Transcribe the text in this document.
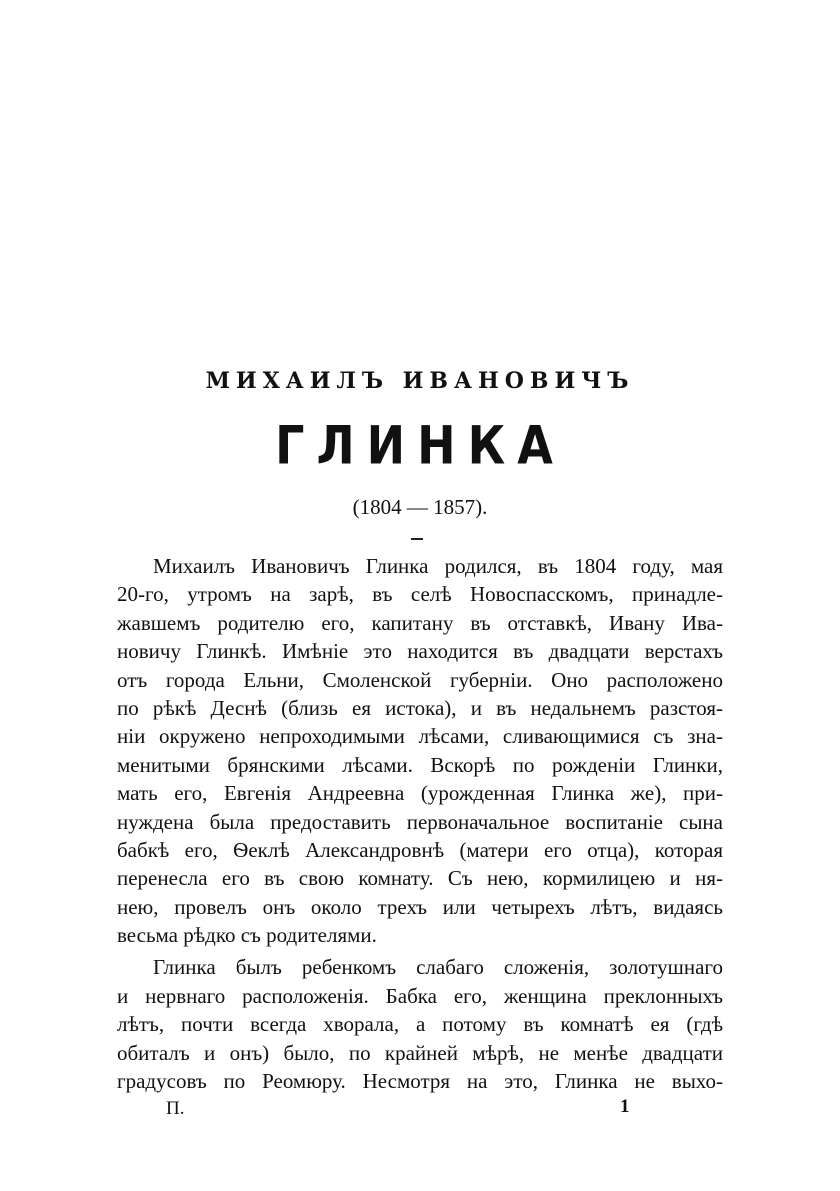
МИХАИЛЪ ИВАНОВИЧЪ
ГЛИНКА
(1804 — 1857).
Михаилъ Ивановичъ Глинка родился, въ 1804 году, мая
20-го, утромъ на зарѣ, въ селѣ Новоспасскомъ, принадле-
жавшемъ родителю его, капитану въ отставкѣ, Ивану Ива-
новичу Глинкѣ. Имѣніе это находится въ двадцати верстахъ
отъ города Ельни, Смоленской губерніи. Оно расположено
по рѣкѣ Деснѣ (близь ея истока), и въ недальнемъ разстоя-
ніи окружено непроходимыми лѣсами, сливающимися съ зна-
менитыми брянскими лѣсами. Вскорѣ по рожденіи Глинки,
мать его, Евгенія Андреевна (урожденная Глинка же), при-
нуждена была предоставить первоначальное воспитаніе сына
бабкѣ его, Ѳеклѣ Александровнѣ (матери его отца), которая
перенесла его въ свою комнату. Съ нею, кормилицею и ня-
нею, провелъ онъ около трехъ или четырехъ лѣтъ, видаясь
весьма рѣдко съ родителями.
Глинка былъ ребенкомъ слабаго сложенія, золотушнаго
и нервнаго расположенія. Бабка его, женщина преклонныхъ
лѣтъ, почти всегда хворала, а потому въ комнатѣ ея (гдѣ
обиталъ и онъ) было, по крайней мѣрѣ, не менѣе двадцати
градусовъ по Реомюру. Несмотря на это, Глинка не выхо-
П.	1
